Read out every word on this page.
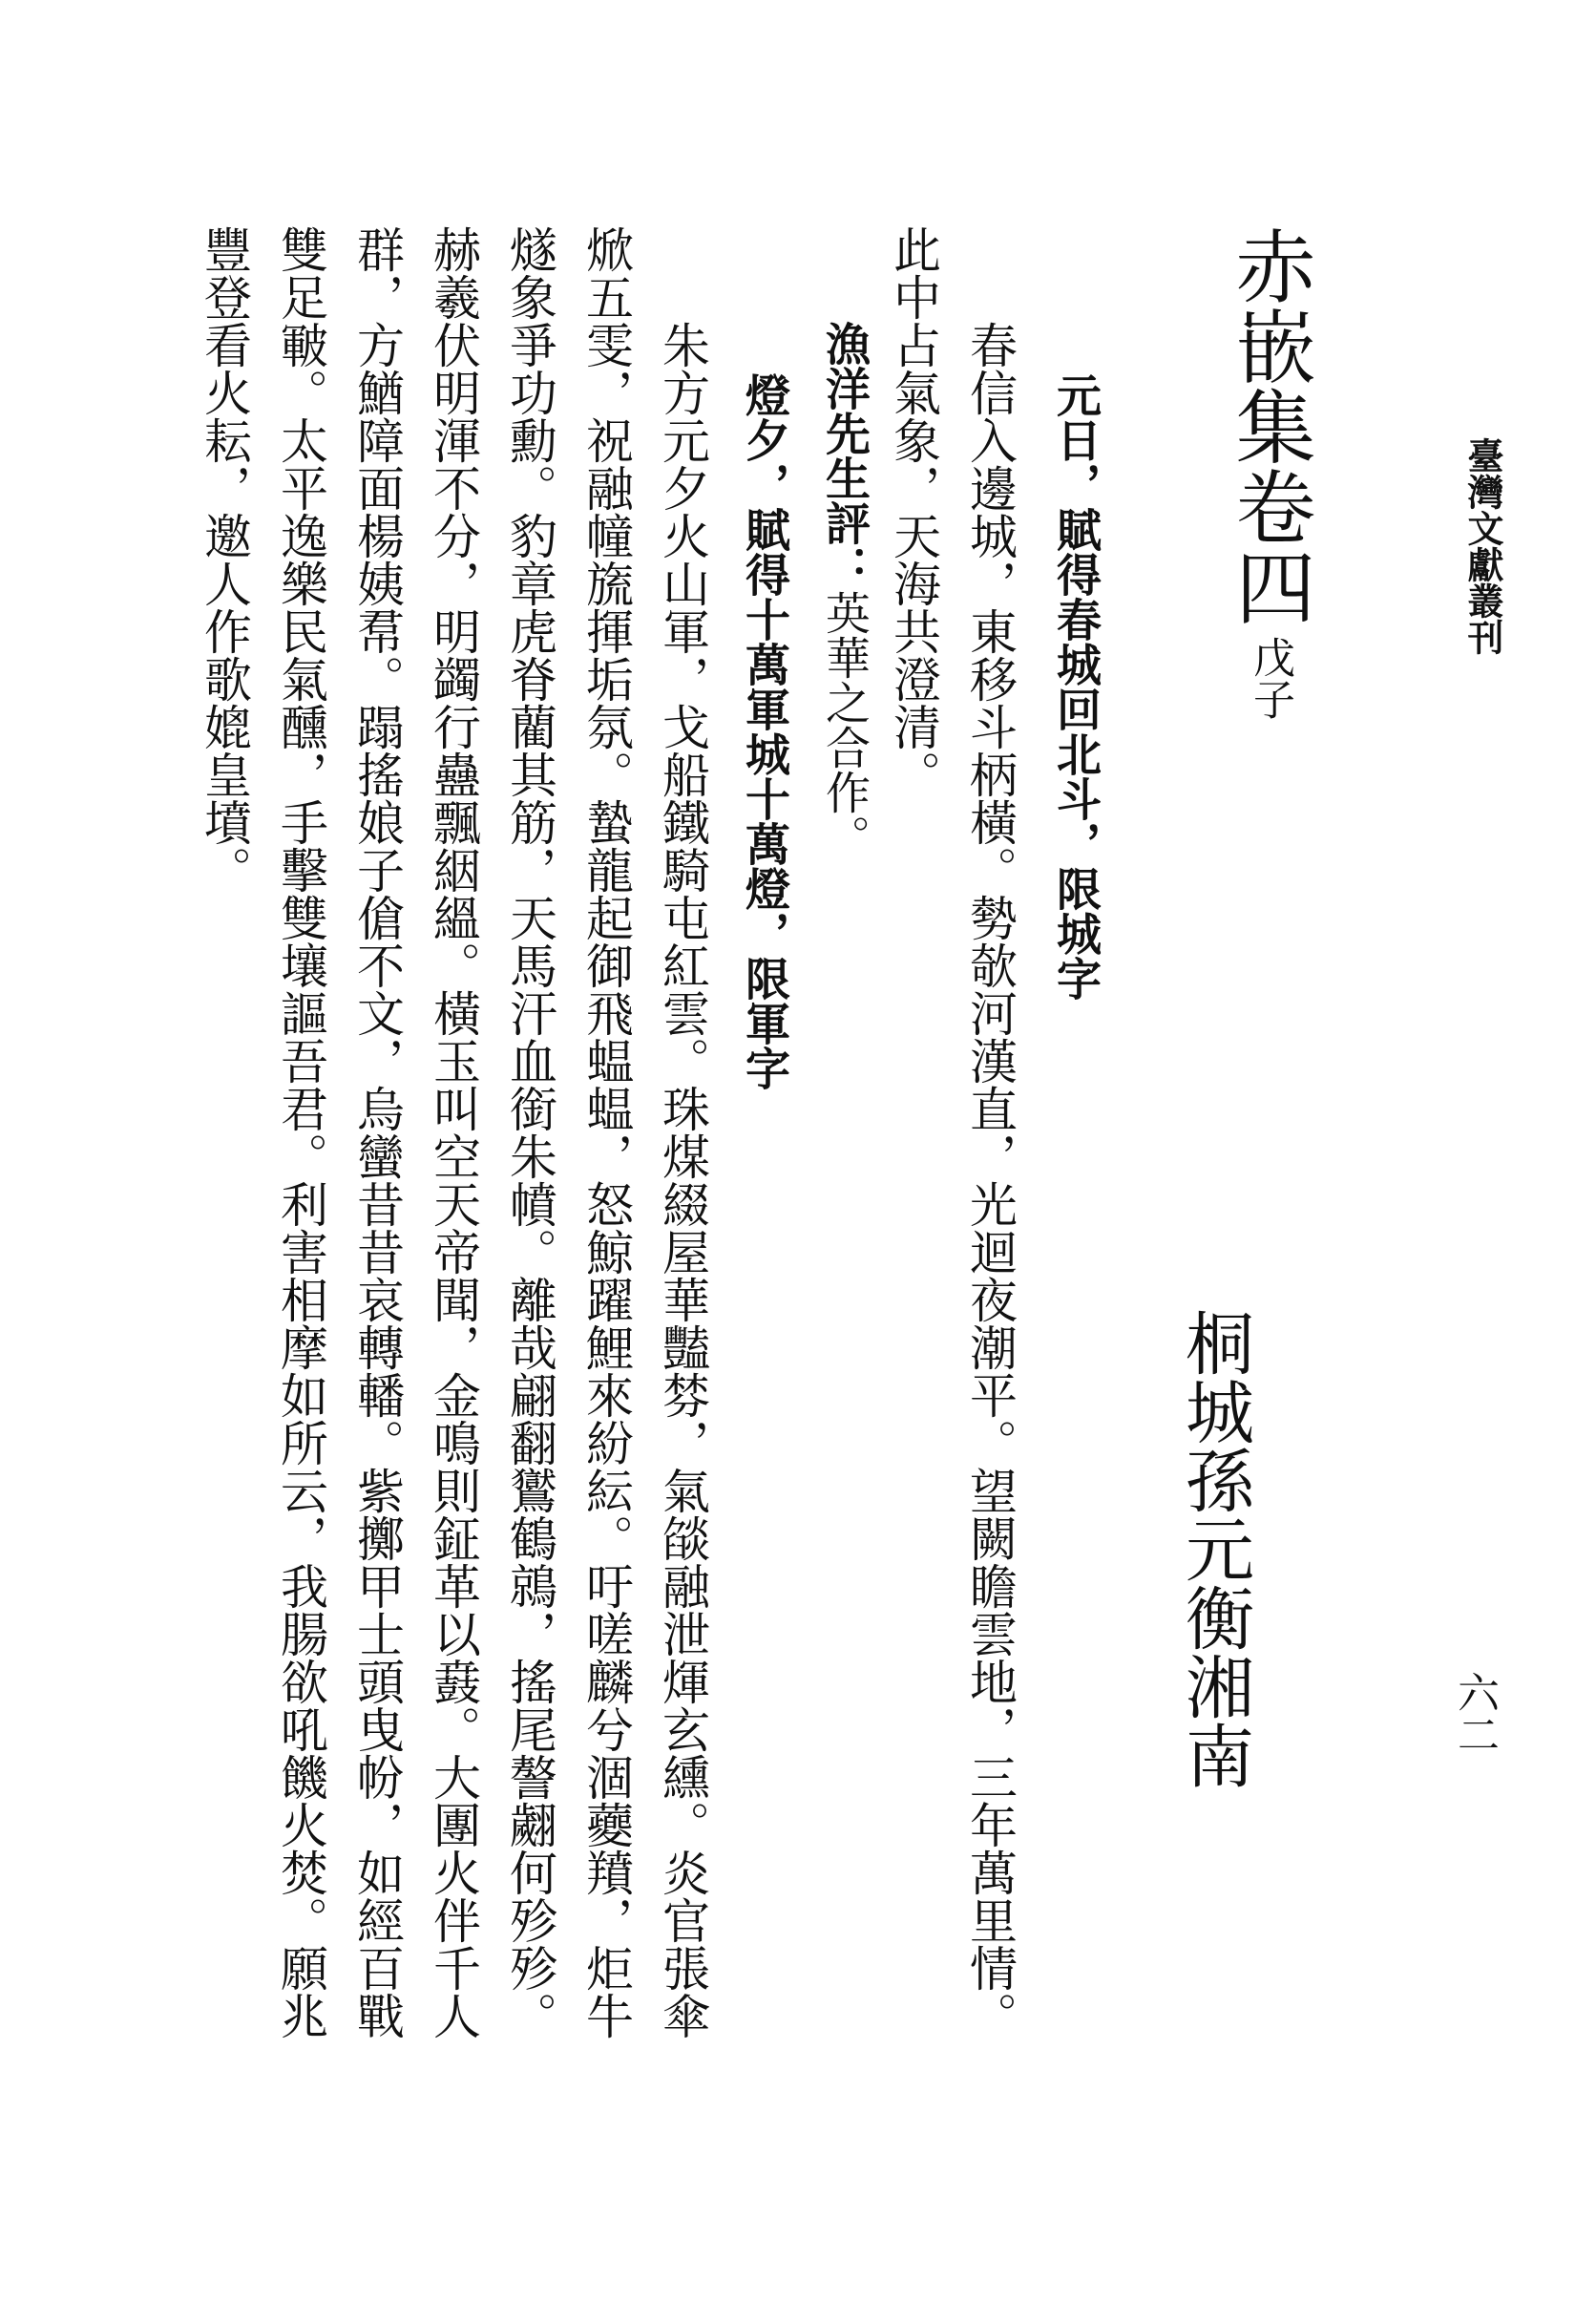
臺灣文獻叢刊
六二
赤嵌集卷四戊子
桐城孫元衡湘南
元日，賦得春城回北斗，限城字
春信入邊城，東移斗柄橫。勢欹河漢直，光迴夜潮平。望闕瞻雲地，三年萬里情。
此中占氣象，天海共澄清。
漁洋先生評：英華之合作。
燈夕，賦得十萬軍城十萬燈，限軍字
朱方元夕火山軍，戈船鐵騎屯紅雲。珠煤綴屋華豔棼，氣燄融泄煇玄纁。炎官張傘
焮五雯，祝融幢旒揮垢氛。蟄龍起御飛蝹蝹，怒鯨躍鯉來紛紜。吁嗟麟兮涸蘷羵，炬牛
燧象爭功勳。豹章虎脊藺其筋，天馬汗血銜朱幩。離哉翩翻鸑鶴鶁，搖尾謷翽何殄殄。
赫羲伏明渾不分，明蠲行蠱飄絪縕。橫玉叫空天帝聞，金鳴則鉦革以鼖。大團火伴千人
群，方鰌障面楊姨帬。蹋搖娘子傖不文，烏蠻昔昔哀轉轓。紫擲甲士頭曳帉，如經百戰
雙足皸。太平逸樂民氣醺，手擊雙壤謳吾君。利害相摩如所云，我腸欲吼饑火焚。願兆
豐登看火耘，邀人作歌媲皇墳。
